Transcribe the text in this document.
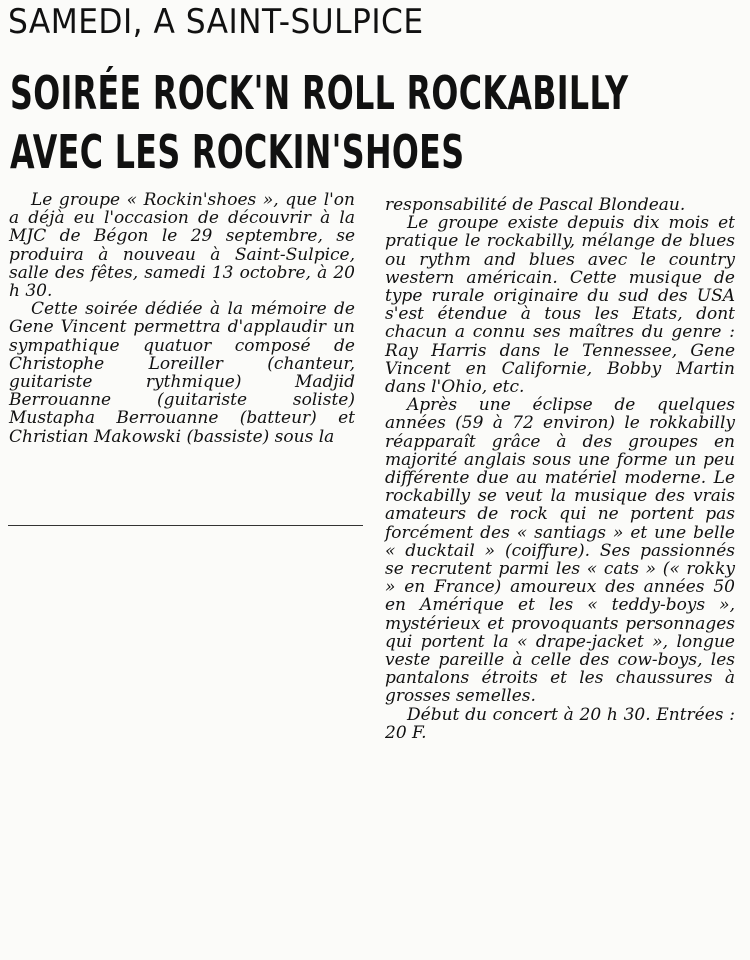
SAMEDI, A SAINT-SULPICE
SOIRÉE ROCK'N ROLL ROCKABILLY
AVEC LES ROCKIN'SHOES

Le groupe « Rockin'shoes », que l'on a déjà eu l'occasion de découvrir à la MJC de Bégon le 29 septembre, se produira à nouveau à Saint-Sulpice, salle des fêtes, samedi 13 octobre, à 20 h 30.

Cette soirée dédiée à la mémoire de Gene Vincent permettra d'applaudir un sympathique quatuor composé de Christophe Loreiller (chanteur, guitariste rythmique) Madjid Berrouanne (guitariste soliste) Mustapha Berrouanne (batteur) et Christian Makowski (bassiste) sous la

responsabilité de Pascal Blondeau.

Le groupe existe depuis dix mois et pratique le rockabilly, mélange de blues ou rythm and blues avec le country western américain. Cette musique de type rurale originaire du sud des USA s'est étendue à tous les Etats, dont chacun a connu ses maîtres du genre : Ray Harris dans le Tennessee, Gene Vincent en Californie, Bobby Martin dans l'Ohio, etc.

Après une éclipse de quelques années (59 à 72 environ) le rokkabilly réapparaît grâce à des groupes en majorité anglais sous une forme un peu différente due au matériel moderne. Le rockabilly se veut la musique des vrais amateurs de rock qui ne portent pas forcément des « santiags » et une belle « ducktail » (coiffure). Ses passionnés se recrutent parmi les « cats » (« rokky » en France) amoureux des années 50 en Amérique et les « teddy-boys », mystérieux et provoquants personnages qui portent la « drape-jacket », longue veste pareille à celle des cow-boys, les pantalons étroits et les chaussures à grosses semelles.

Début du concert à 20 h 30. Entrées : 20 F.
